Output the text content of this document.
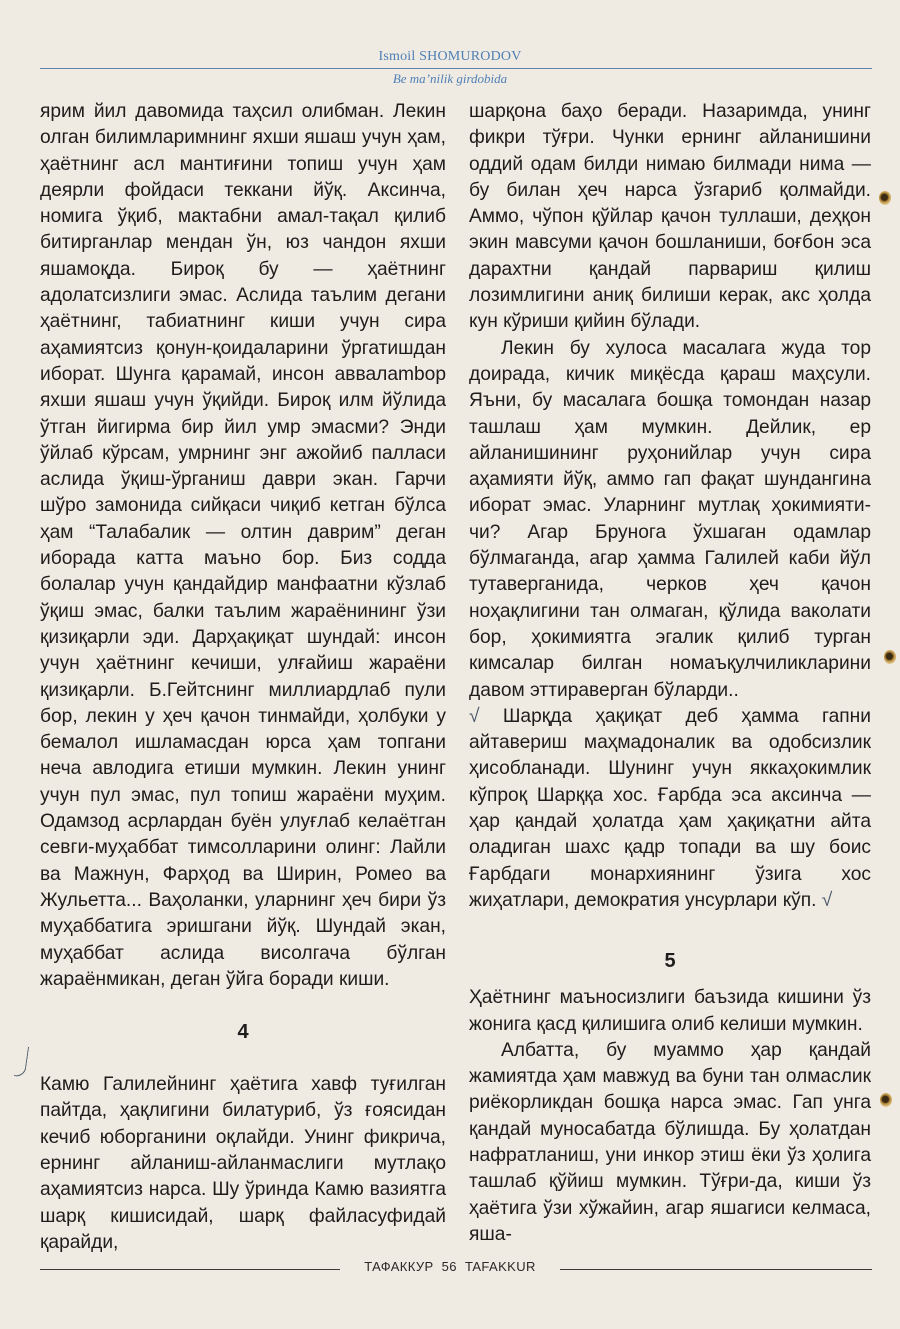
Ismoil SHOMURODOV
Be ma’nilik girdobida

ярим йил давомида таҳсил олибман. Лекин олган билимларимнинг яхши яшаш учун ҳам, ҳаётнинг асл мантиғини топиш учун ҳам деярли фойдаси теккани йўқ. Аксинча, номига ўқиб, мактабни амал-тақал қилиб битирганлар мендан ўн, юз чандон яхши яшамоқда. Бироқ бу — ҳаётнинг адолатсизлиги эмас. Аслида таълим дегани ҳаётнинг, табиатнинг киши учун сира аҳамиятсиз қонун-қоидаларини ўргатишдан иборат. Шунга қарамай, инсон аввалambор яхши яшаш учун ўқийди. Бироқ илм йўлида ўтган йигирма бир йил умр эмасми? Энди ўйлаб кўрсам, умрнинг энг ажойиб палласи аслида ўқиш-ўрганиш даври экан. Гарчи шўро замонида сийқаси чиқиб кетган бўлса ҳам “Талабалик — олтин даврим” деган иборада катта маъно бор. Биз содда болалар учун қандайдир манфаатни кўзлаб ўқиш эмас, балки таълим жараёнининг ўзи қизиқарли эди. Дарҳақиқат шундай: инсон учун ҳаётнинг кечиши, улғайиш жараёни қизиқарли. Б.Гейтснинг миллиардлаб пули бор, лекин у ҳеч қачон тинмайди, ҳолбуки у бемалол ишламасдан юрса ҳам топгани неча авлодига етиши мумкин. Лекин унинг учун пул эмас, пул топиш жараёни муҳим. Одамзод асрлардан буён улуғлаб келаётган севги-муҳаббат тимсолларини олинг: Лайли ва Мажнун, Фарҳод ва Ширин, Ромео ва Жульетта... Ваҳоланки, уларнинг ҳеч бири ўз муҳаббатига эришгани йўқ. Шундай экан, муҳаббат аслида висолгача бўлган жараёнмикан, деган ўйга боради киши.

4

Камю Галилейнинг ҳаётига хавф туғилган пайтда, ҳақлигини билатуриб, ўз ғоясидан кечиб юборганини оқлайди. Унинг фикрича, ернинг айланиш-айланмаслиги мутлақо аҳамиятсиз нарса. Шу ўринда Камю вазиятга шарқ кишисидай, шарқ файласуфидай қарайди,

шарқона баҳо беради. Назаримда, унинг фикри тўғри. Чунки ернинг айланишини оддий одам билди нимаю билмади нима — бу билан ҳеч нарса ўзгариб қолмайди. Аммо, чўпон қўйлар қачон туллаши, деҳқон экин мавсуми қачон бошланиши, боғбон эса дарахтни қандай парвариш қилиш лозимлигини аниқ билиши керак, акс ҳолда кун кўриши қийин бўлади.

Лекин бу хулоса масалага жуда тор доирада, кичик миқёсда қараш маҳсули. Яъни, бу масалага бошқа томондан назар ташлаш ҳам мумкин. Дейлик, ер айланишининг руҳонийлар учун сира аҳамияти йўқ, аммо гап фақат шундангина иборат эмас. Уларнинг мутлақ ҳокимияти-чи? Агар Брунога ўхшаган одамлар бўлмаганда, агар ҳамма Галилей каби йўл тутаверганида, черков ҳеч қачон ноҳақлигини тан олмаган, қўлида ваколати бор, ҳокимиятга эгалик қилиб турган кимсалар билган номаъқулчиликларини давом эттираверган бўларди..

√ Шарқда ҳақиқат деб ҳамма гапни айтавериш маҳмадоналик ва одобсизлик ҳисобланади. Шунинг учун яккаҳокимлик кўпроқ Шарққа хос. Ғарбда эса аксинча — ҳар қандай ҳолатда ҳам ҳақиқатни айта оладиган шахс қадр топади ва шу боис Ғарбдаги монархиянинг ўзига хос жиҳатлари, демократия унсурлари кўп. √

5

Ҳаётнинг маъносизлиги баъзида кишини ўз жонига қасд қилишига олиб келиши мумкин.

Албатта, бу муаммо ҳар қандай жамиятда ҳам мавжуд ва буни тан олмаслик риёкорликдан бошқа нарса эмас. Гап унга қандай муносабатда бўлишда. Бу ҳолатдан нафратланиш, уни инкор этиш ёки ўз ҳолига ташлаб қўйиш мумкин. Тўғри-да, киши ўз ҳаётига ўзи хўжайин, агар яшагиси келмаса, яша-

ТАФАККУР 56 TAFAKKUR
